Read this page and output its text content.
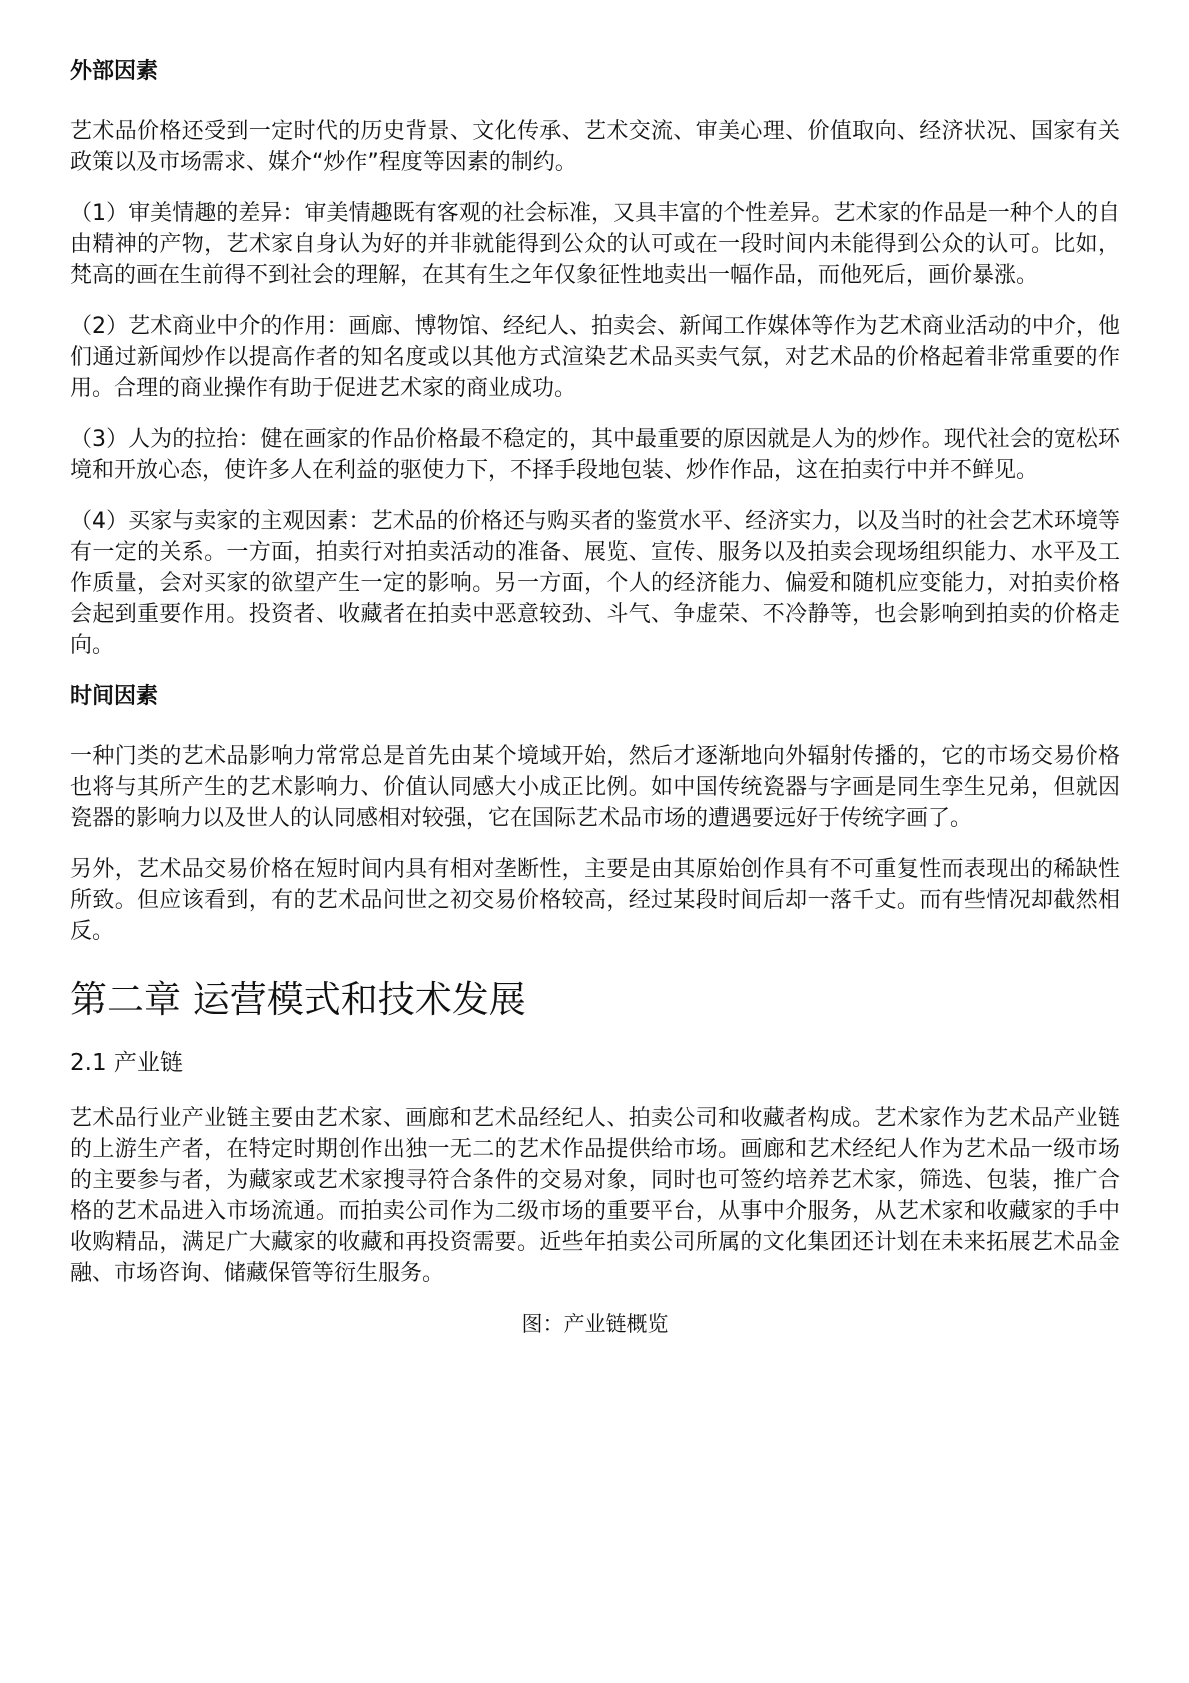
外部因素

艺术品价格还受到一定时代的历史背景、文化传承、艺术交流、审美心理、价值取向、经济状况、国家有关政策以及市场需求、媒介“炒作”程度等因素的制约。

（1）审美情趣的差异：审美情趣既有客观的社会标准，又具丰富的个性差异。艺术家的作品是一种个人的自由精神的产物，艺术家自身认为好的并非就能得到公众的认可或在一段时间内未能得到公众的认可。比如，梵高的画在生前得不到社会的理解，在其有生之年仅象征性地卖出一幅作品，而他死后，画价暴涨。

（2）艺术商业中介的作用：画廊、博物馆、经纪人、拍卖会、新闻工作媒体等作为艺术商业活动的中介，他们通过新闻炒作以提高作者的知名度或以其他方式渲染艺术品买卖气氛，对艺术品的价格起着非常重要的作用。合理的商业操作有助于促进艺术家的商业成功。

（3）人为的拉抬：健在画家的作品价格最不稳定的，其中最重要的原因就是人为的炒作。现代社会的宽松环境和开放心态，使许多人在利益的驱使力下，不择手段地包装、炒作作品，这在拍卖行中并不鲜见。

（4）买家与卖家的主观因素：艺术品的价格还与购买者的鉴赏水平、经济实力，以及当时的社会艺术环境等有一定的关系。一方面，拍卖行对拍卖活动的准备、展览、宣传、服务以及拍卖会现场组织能力、水平及工作质量，会对买家的欲望产生一定的影响。另一方面，个人的经济能力、偏爱和随机应变能力，对拍卖价格会起到重要作用。投资者、收藏者在拍卖中恶意较劲、斗气、争虚荣、不冷静等，也会影响到拍卖的价格走向。

时间因素

一种门类的艺术品影响力常常总是首先由某个境域开始，然后才逐渐地向外辐射传播的，它的市场交易价格也将与其所产生的艺术影响力、价值认同感大小成正比例。如中国传统瓷器与字画是同生孪生兄弟，但就因瓷器的影响力以及世人的认同感相对较强，它在国际艺术品市场的遭遇要远好于传统字画了。

另外，艺术品交易价格在短时间内具有相对垄断性，主要是由其原始创作具有不可重复性而表现出的稀缺性所致。但应该看到，有的艺术品问世之初交易价格较高，经过某段时间后却一落千丈。而有些情况却截然相反。

第二章 运营模式和技术发展
2.1 产业链

艺术品行业产业链主要由艺术家、画廊和艺术品经纪人、拍卖公司和收藏者构成。艺术家作为艺术品产业链的上游生产者，在特定时期创作出独一无二的艺术作品提供给市场。画廊和艺术经纪人作为艺术品一级市场的主要参与者，为藏家或艺术家搜寻符合条件的交易对象，同时也可签约培养艺术家，筛选、包装，推广合格的艺术品进入市场流通。而拍卖公司作为二级市场的重要平台，从事中介服务，从艺术家和收藏家的手中收购精品，满足广大藏家的收藏和再投资需要。近些年拍卖公司所属的文化集团还计划在未来拓展艺术品金融、市场咨询、储藏保管等衍生服务。

图：产业链概览
